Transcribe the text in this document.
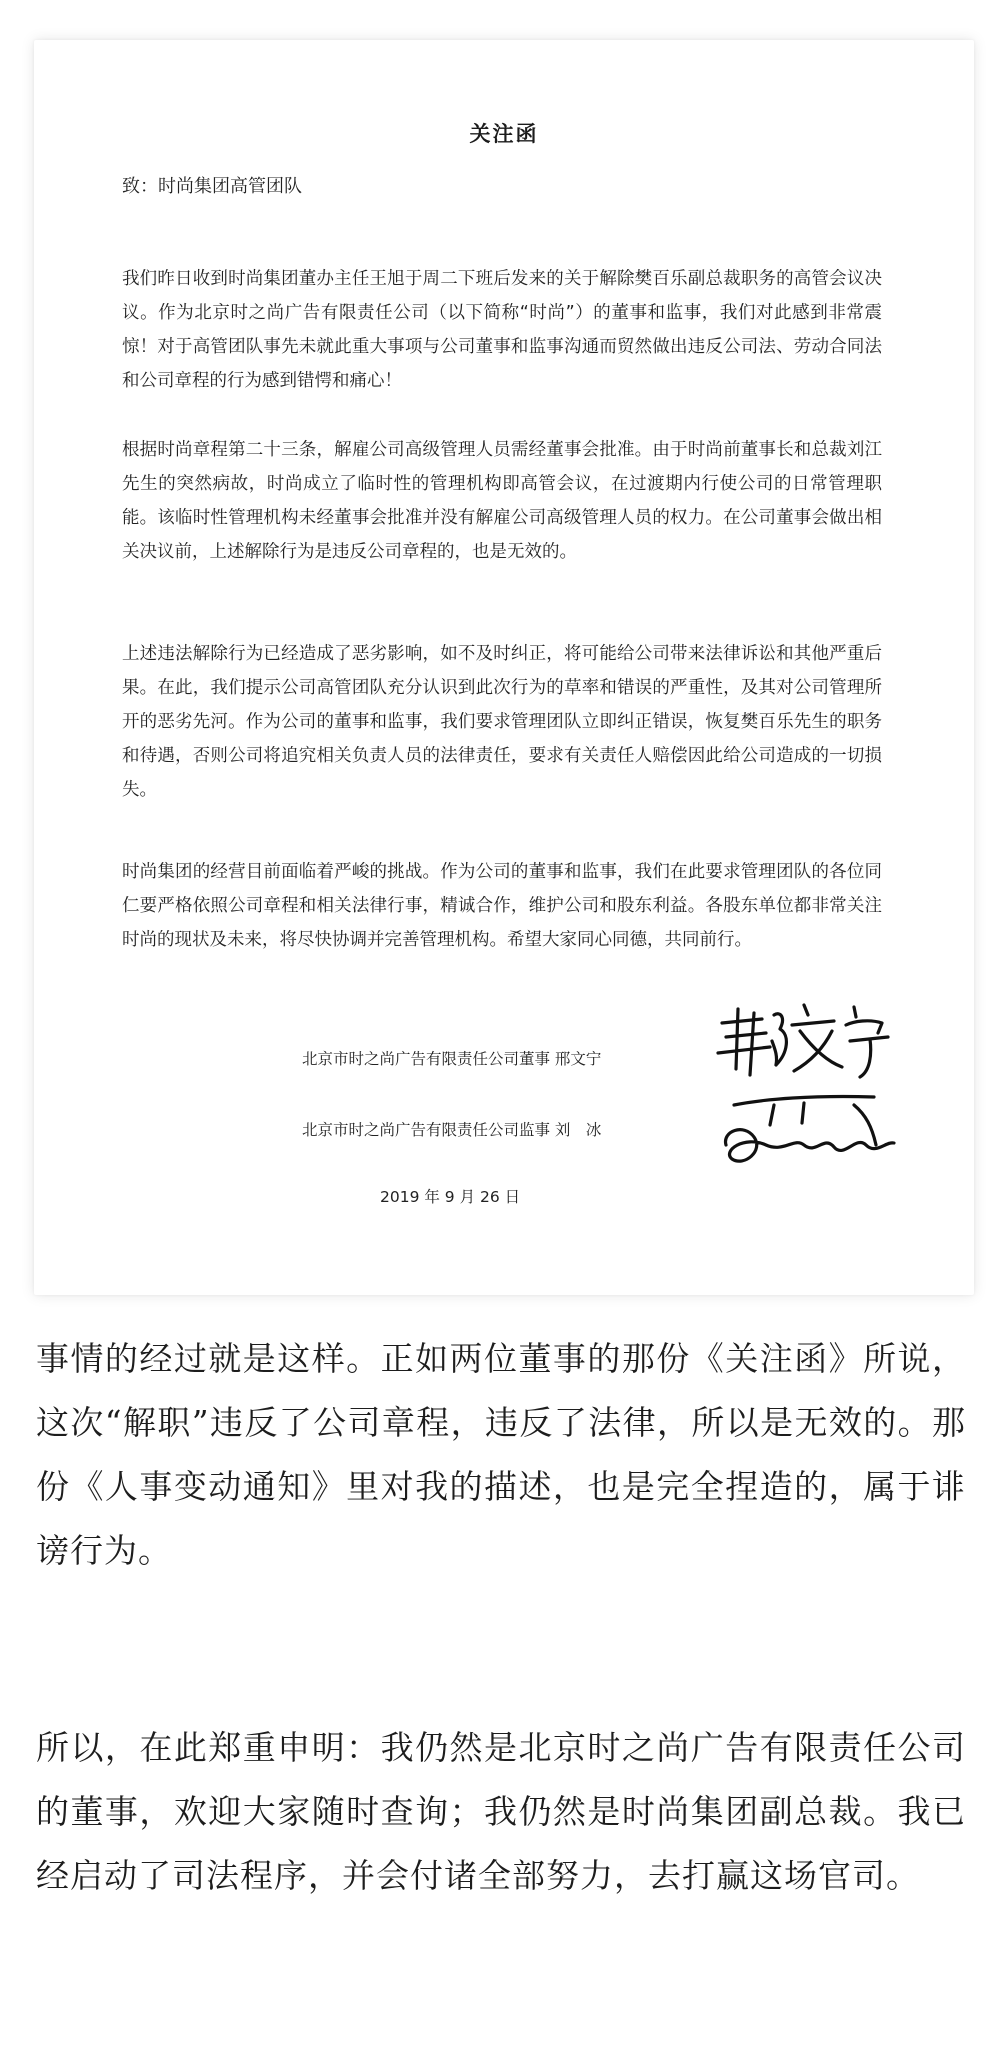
关注函
致：时尚集团高管团队
我们昨日收到时尚集团董办主任王旭于周二下班后发来的关于解除樊百乐副总裁职务的高管会议决议。作为北京时之尚广告有限责任公司（以下简称“时尚”）的董事和监事，我们对此感到非常震惊！对于高管团队事先未就此重大事项与公司董事和监事沟通而贸然做出违反公司法、劳动合同法和公司章程的行为感到错愕和痛心！
根据时尚章程第二十三条，解雇公司高级管理人员需经董事会批准。由于时尚前董事长和总裁刘江先生的突然病故，时尚成立了临时性的管理机构即高管会议，在过渡期内行使公司的日常管理职能。该临时性管理机构未经董事会批准并没有解雇公司高级管理人员的权力。在公司董事会做出相关决议前，上述解除行为是违反公司章程的，也是无效的。
上述违法解除行为已经造成了恶劣影响，如不及时纠正，将可能给公司带来法律诉讼和其他严重后果。在此，我们提示公司高管团队充分认识到此次行为的草率和错误的严重性，及其对公司管理所开的恶劣先河。作为公司的董事和监事，我们要求管理团队立即纠正错误，恢复樊百乐先生的职务和待遇，否则公司将追究相关负责人员的法律责任，要求有关责任人赔偿因此给公司造成的一切损失。
时尚集团的经营目前面临着严峻的挑战。作为公司的董事和监事，我们在此要求管理团队的各位同仁要严格依照公司章程和相关法律行事，精诚合作，维护公司和股东利益。各股东单位都非常关注时尚的现状及未来，将尽快协调并完善管理机构。希望大家同心同德，共同前行。
北京市时之尚广告有限责任公司董事 邢文宁
北京市时之尚广告有限责任公司监事 刘　冰
2019 年 9 月 26 日
事情的经过就是这样。正如两位董事的那份《关注函》所说，这次“解职”违反了公司章程，违反了法律，所以是无效的。那份《人事变动通知》里对我的描述，也是完全捏造的，属于诽谤行为。
所以，在此郑重申明：我仍然是北京时之尚广告有限责任公司的董事，欢迎大家随时查询；我仍然是时尚集团副总裁。我已经启动了司法程序，并会付诸全部努力，去打赢这场官司。
